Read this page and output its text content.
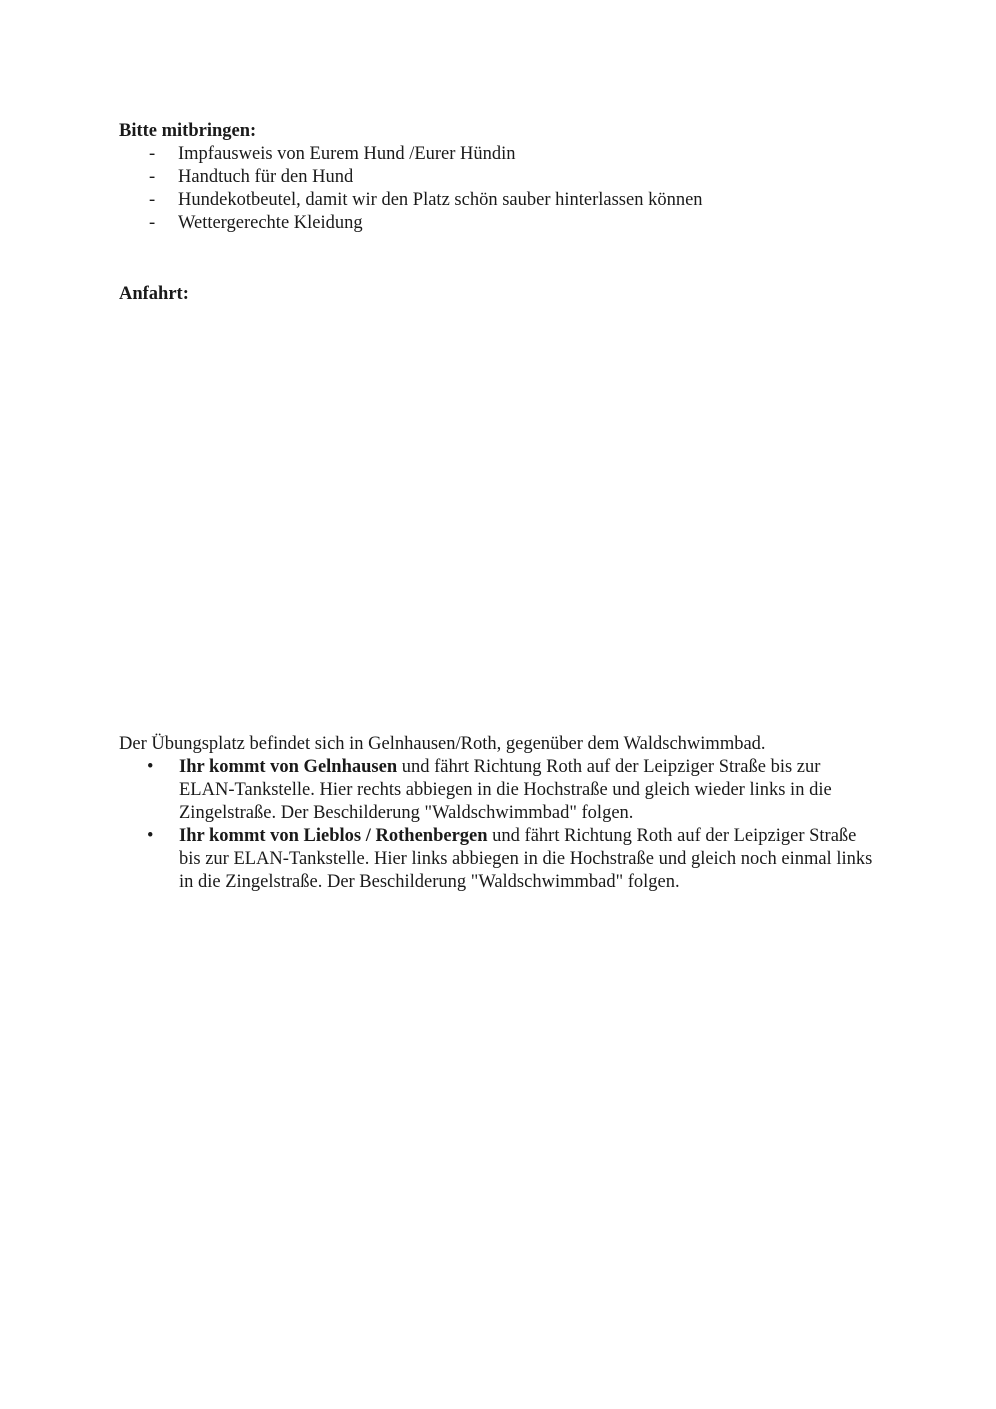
Bitte mitbringen:

- Impfausweis von Eurem Hund /Eurer Hündin
- Handtuch für den Hund
- Hundekotbeutel, damit wir den Platz schön sauber hinterlassen können
- Wettergerechte Kleidung

Anfahrt:

Der Übungsplatz befindet sich in Gelnhausen/Roth, gegenüber dem Waldschwimmbad.

• Ihr kommt von Gelnhausen und fährt Richtung Roth auf der Leipziger Straße bis zur ELAN-Tankstelle. Hier rechts abbiegen in die Hochstraße und gleich wieder links in die Zingelstraße. Der Beschilderung "Waldschwimmbad" folgen.
• Ihr kommt von Lieblos / Rothenbergen und fährt Richtung Roth auf der Leipziger Straße bis zur ELAN-Tankstelle. Hier links abbiegen in die Hochstraße und gleich noch einmal links in die Zingelstraße. Der Beschilderung "Waldschwimmbad" folgen.
